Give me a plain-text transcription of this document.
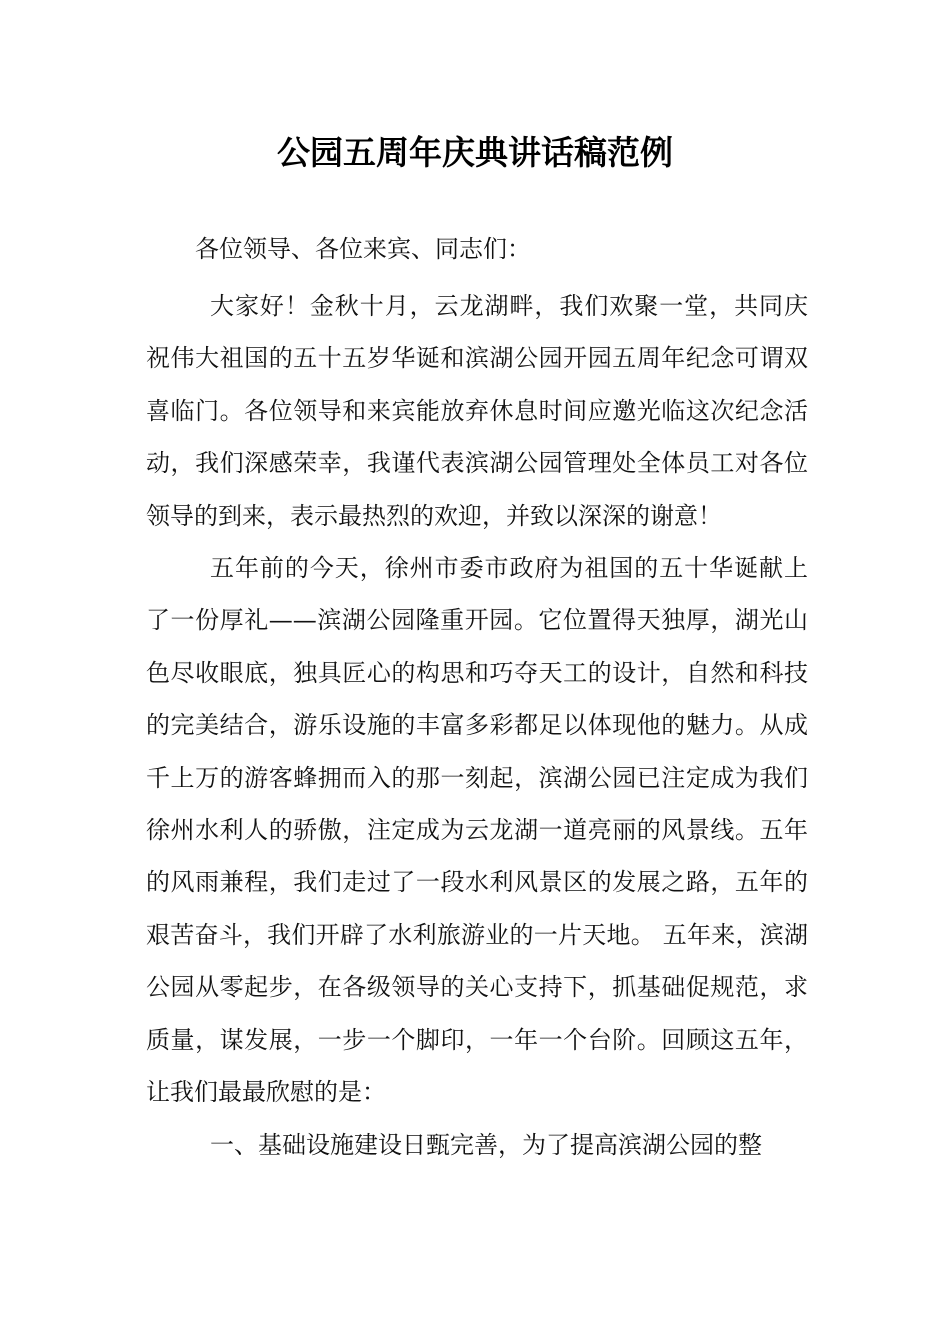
公园五周年庆典讲话稿范例

各位领导、各位来宾、同志们：

大家好！金秋十月，云龙湖畔，我们欢聚一堂，共同庆祝伟大祖国的五十五岁华诞和滨湖公园开园五周年纪念可谓双喜临门。各位领导和来宾能放弃休息时间应邀光临这次纪念活动，我们深感荣幸，我谨代表滨湖公园管理处全体员工对各位领导的到来，表示最热烈的欢迎，并致以深深的谢意！

五年前的今天，徐州市委市政府为祖国的五十华诞献上了一份厚礼——滨湖公园隆重开园。它位置得天独厚，湖光山色尽收眼底，独具匠心的构思和巧夺天工的设计，自然和科技的完美结合，游乐设施的丰富多彩都足以体现他的魅力。从成千上万的游客蜂拥而入的那一刻起，滨湖公园已注定成为我们徐州水利人的骄傲，注定成为云龙湖一道亮丽的风景线。五年的风雨兼程，我们走过了一段水利风景区的发展之路，五年的艰苦奋斗，我们开辟了水利旅游业的一片天地。 五年来，滨湖公园从零起步，在各级领导的关心支持下，抓基础促规范，求质量，谋发展，一步一个脚印，一年一个台阶。回顾这五年，让我们最最欣慰的是：

一、基础设施建设日甄完善，为了提高滨湖公园的整
